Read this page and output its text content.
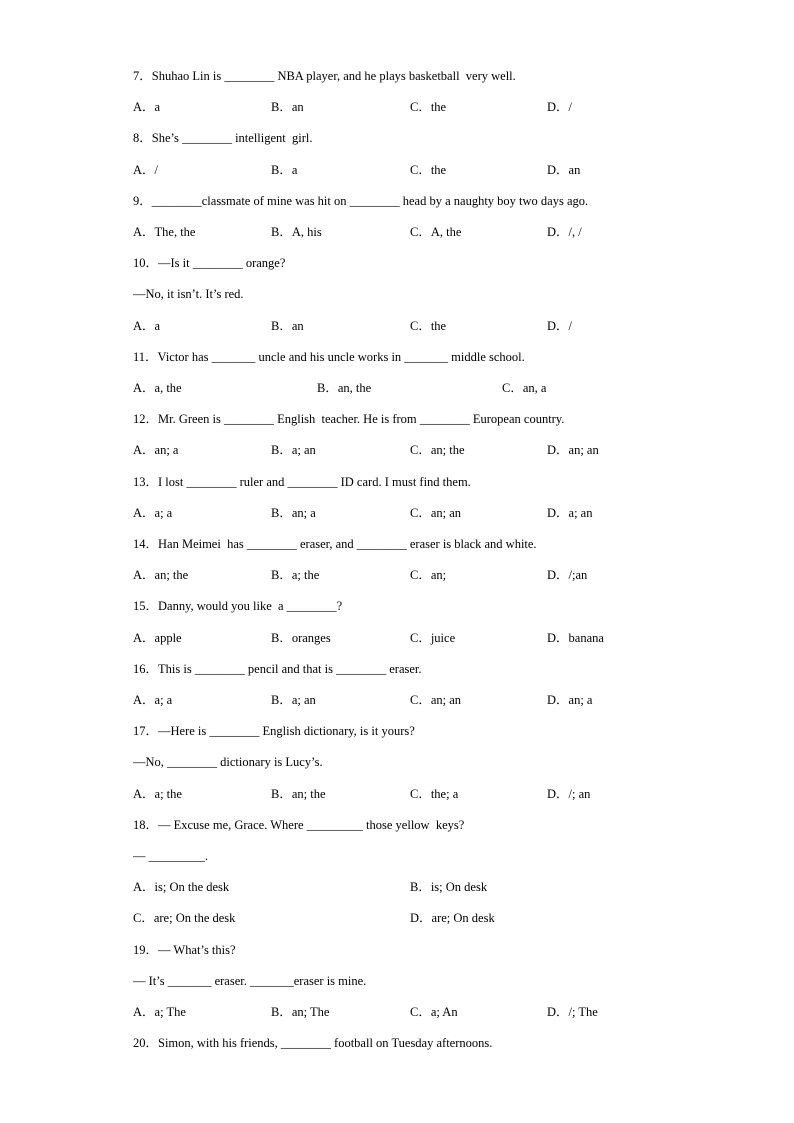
7．Shuhao Lin is ________ NBA player, and he plays basketball  very well.
A．a	B．an	C．the	D．/
8．She’s ________ intelligent  girl.
A．/	B．a	C．the	D．an
9．________classmate of mine was hit on ________ head by a naughty boy two days ago.
A．The, the	B．A, his	C．A, the	D．/, /
10．—Is it ________ orange?
—No, it isn’t. It’s red.
A．a	B．an	C．the	D．/
11．Victor has _______ uncle and his uncle works in _______ middle school.
A．a, the	B．an, the	C．an, a
12．Mr. Green is ________ English  teacher. He is from ________ European country.
A．an; a	B．a; an	C．an; the	D．an; an
13．I lost ________ ruler and ________ ID card. I must find them.
A．a; a	B．an; a	C．an; an	D．a; an
14．Han Meimei  has ________ eraser, and ________ eraser is black and white.
A．an; the	B．a; the	C．an;	D．/;an
15．Danny, would you like  a ________?
A．apple	B．oranges	C．juice	D．banana
16．This is ________ pencil and that is ________ eraser.
A．a; a	B．a; an	C．an; an	D．an; a
17．—Here is ________ English dictionary, is it yours?
—No, ________ dictionary is Lucy’s.
A．a; the	B．an; the	C．the; a	D．/; an
18．— Excuse me, Grace. Where _________ those yellow  keys?
— _________.
A．is; On the desk	B．is; On desk
C．are; On the desk	D．are; On desk
19．— What’s this?
— It’s _______ eraser. _______eraser is mine.
A．a; The	B．an; The	C．a; An	D．/; The
20．Simon, with his friends, ________ football on Tuesday afternoons.
